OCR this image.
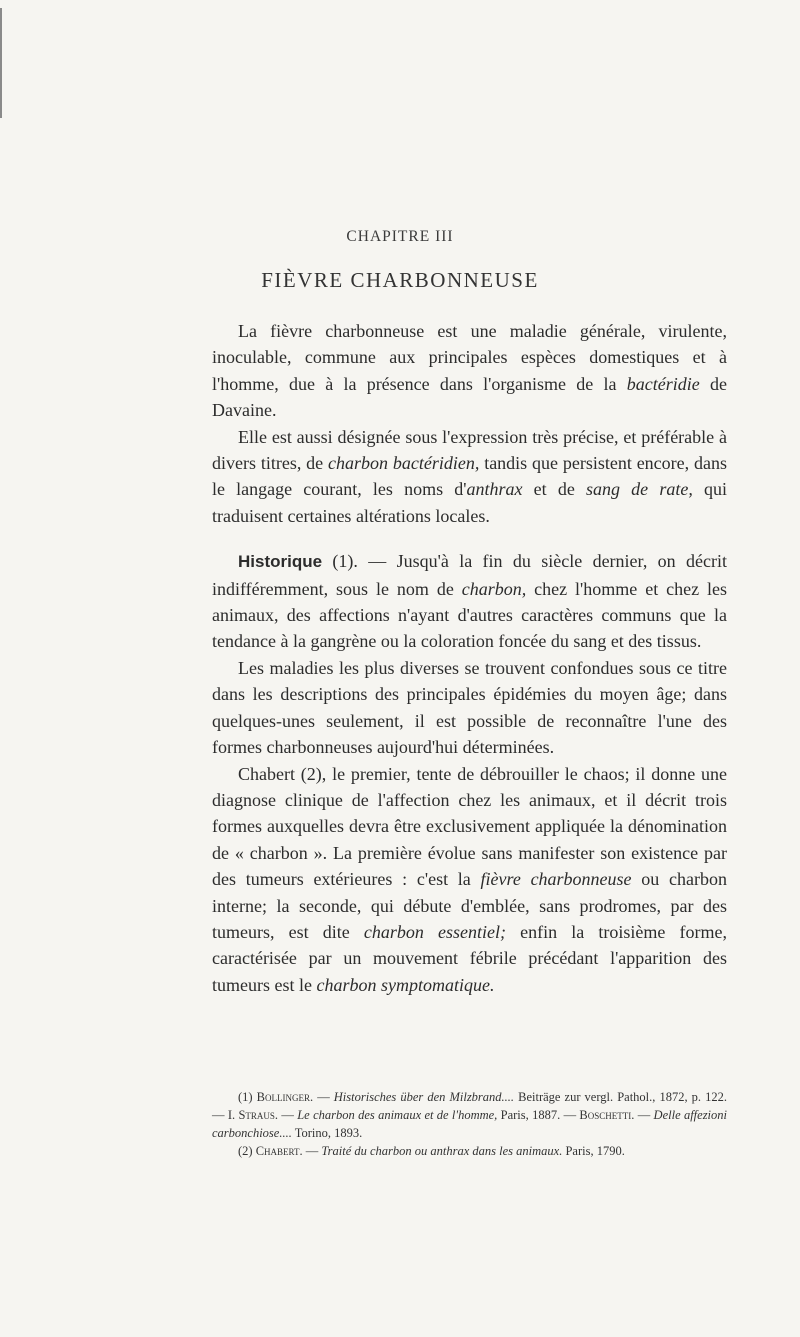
CHAPITRE III
FIÈVRE CHARBONNEUSE

La fièvre charbonneuse est une maladie générale, virulente, inoculable, commune aux principales espèces domestiques et à l'homme, due à la présence dans l'organisme de la bactéridie de Davaine.

Elle est aussi désignée sous l'expression très précise, et préférable à divers titres, de charbon bactéridien, tandis que persistent encore, dans le langage courant, les noms d'anthrax et de sang de rate, qui traduisent certaines altérations locales.

Historique (1). — Jusqu'à la fin du siècle dernier, on décrit indifféremment, sous le nom de charbon, chez l'homme et chez les animaux, des affections n'ayant d'autres caractères communs que la tendance à la gangrène ou la coloration foncée du sang et des tissus.

Les maladies les plus diverses se trouvent confondues sous ce titre dans les descriptions des principales épidémies du moyen âge; dans quelques-unes seulement, il est possible de reconnaître l'une des formes charbonneuses aujourd'hui déterminées.

Chabert (2), le premier, tente de débrouiller le chaos; il donne une diagnose clinique de l'affection chez les animaux, et il décrit trois formes auxquelles devra être exclusivement appliquée la dénomination de « charbon ». La première évolue sans manifester son existence par des tumeurs extérieures : c'est la fièvre charbonneuse ou charbon interne; la seconde, qui débute d'emblée, sans prodromes, par des tumeurs, est dite charbon essentiel; enfin la troisième forme, caractérisée par un mouvement fébrile précédant l'apparition des tumeurs est le charbon symptomatique.

(1) Bollinger. — Historisches über den Milzbrand.... Beiträge zur vergl. Pathol., 1872, p. 122. — I. Straus. — Le charbon des animaux et de l'homme, Paris, 1887. — Boschetti. — Delle affezioni carbonchiose.... Torino, 1893.

(2) Chabert. — Traité du charbon ou anthrax dans les animaux. Paris, 1790.
